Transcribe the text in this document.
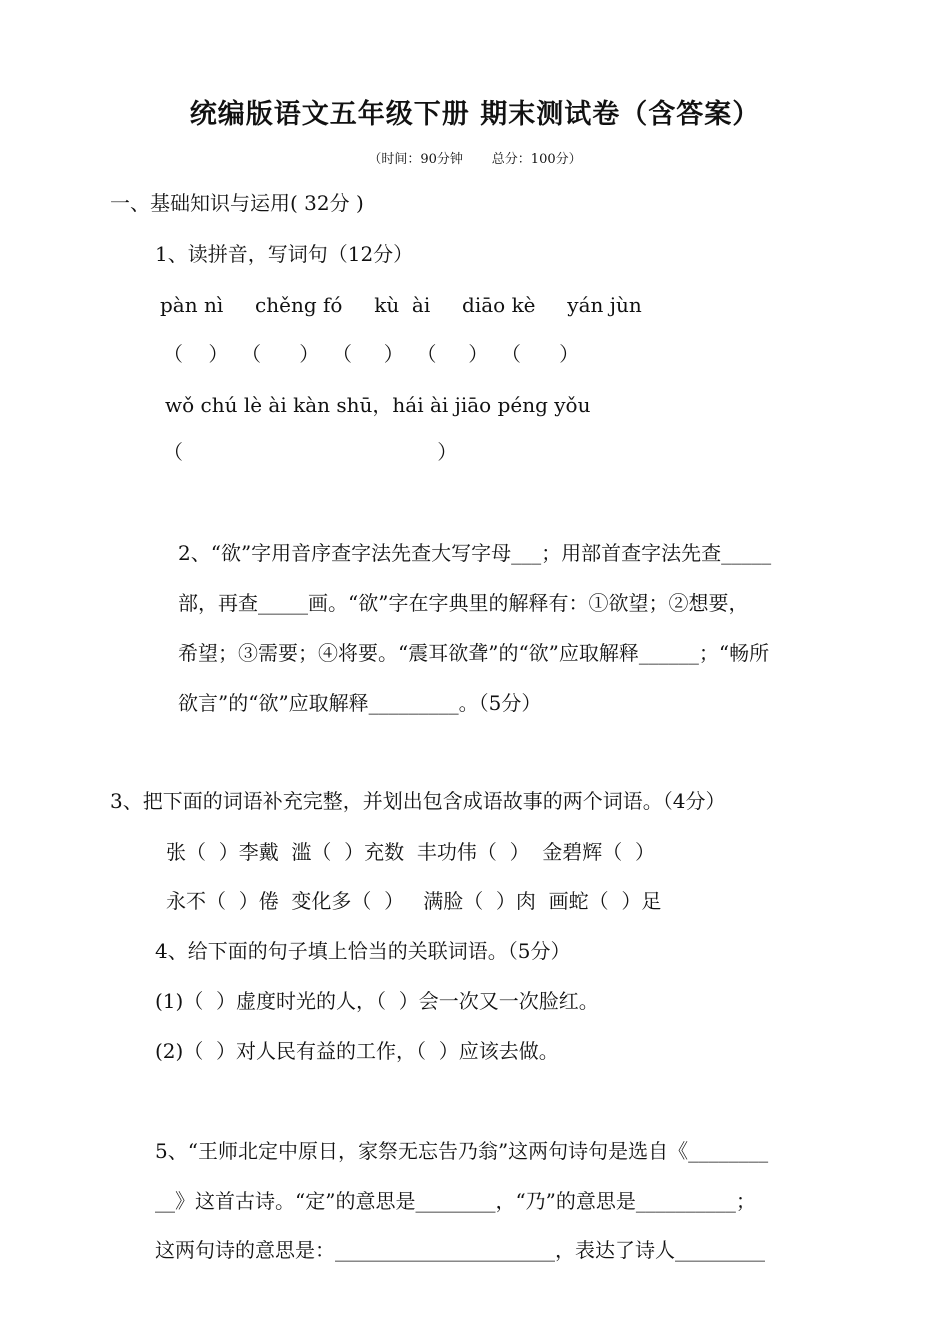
统编版语文五年级下册 期末测试卷（含答案）
（时间：90分钟       总分：100分）
一、基础知识与运用( 32分 )
1、读拼音，写词句（12分）
pàn nì     chěng fó     kù  ài     diāo kè     yán jùn
（    ）  （      ）  （     ）  （     ）  （      ）
wǒ chú lè ài kàn shū，hái ài jiāo péng yǒu
（                                        ）
2、“欲”字用音序查字法先查大写字母___；用部首查字法先查_____
部，再查_____画。“欲”字在字典里的解释有：①欲望；②想要，
希望；③需要；④将要。“震耳欲聋”的“欲”应取解释______；“畅所
欲言”的“欲”应取解释_________。（5分）
3、把下面的词语补充完整，并划出包含成语故事的两个词语。（4分）
张（  ）李戴  滥（  ）充数  丰功伟（  ）  金碧辉（  ）
永不（  ）倦  变化多（  ）   满脸（  ）肉  画蛇（  ）足
4、给下面的句子填上恰当的关联词语。（5分）
(1)（  ）虚度时光的人，（  ）会一次又一次脸红。
(2)（  ）对人民有益的工作，（  ）应该去做。
5、“王师北定中原日，家祭无忘告乃翁”这两句诗句是选自《________
__》这首古诗。“定”的意思是________，“乃”的意思是__________；
这两句诗的意思是：______________________，表达了诗人_________
